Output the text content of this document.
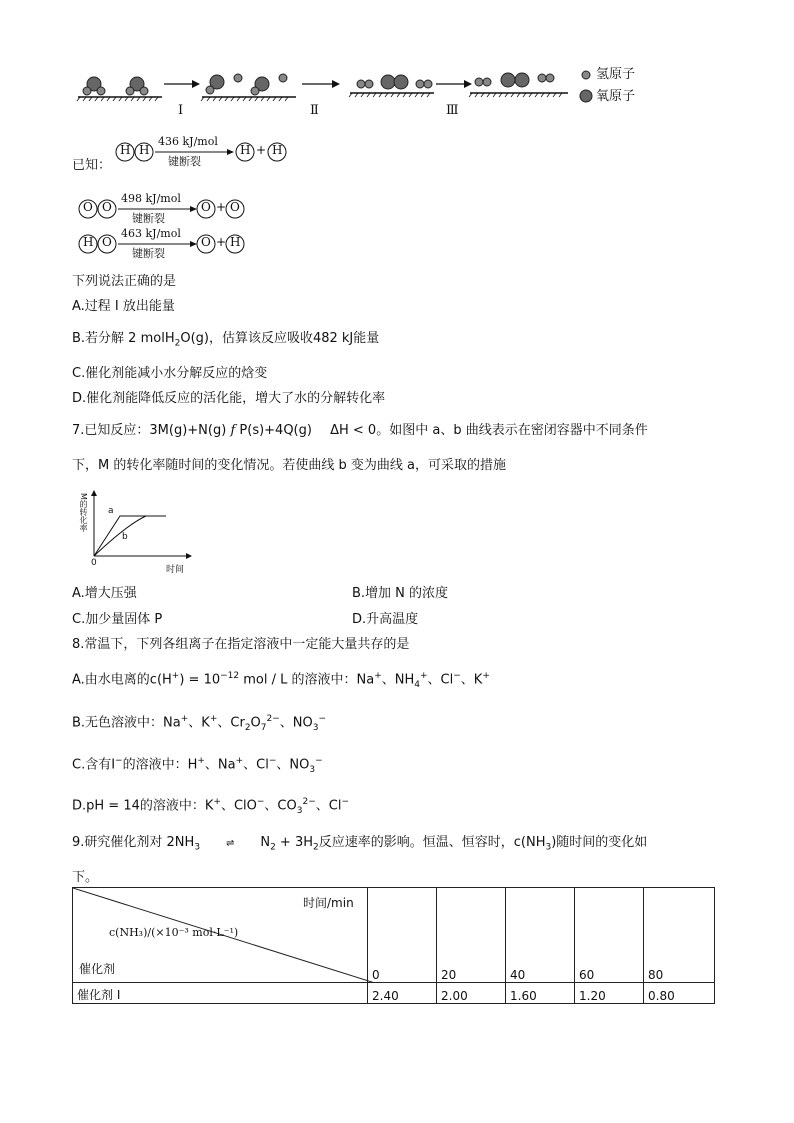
I	Ⅱ	Ⅲ
氢原子
氧原子
已知：
H H
436 kJ/mol
键断裂
H + H
O O
498 kJ/mol
键断裂
O + O
H O
463 kJ/mol
键断裂
O + H
下列说法正确的是
A.过程 I 放出能量
B.若分解 2 molH$_2$O(g)，估算该反应吸收482 kJ能量
C.催化剂能减小水分解反应的焓变
D.催化剂能降低反应的活化能，增大了水的分解转化率
7.已知反应：3M(g)+N(g) f P(s)+4Q(g) ΔH < 0。如图中 a、b 曲线表示在密闭容器中不同条件
下，M 的转化率随时间的变化情况。若使曲线 b 变为曲线 a，可采取的措施
M的转化率 a
b
0
时间
A.增大压强	B.增加 N 的浓度
C.加少量固体 P	D.升高温度
8.常温下，下列各组离子在指定溶液中一定能大量共存的是
A.由水电离的$c(H^+) = 10^{-12}$ mol / L 的溶液中：Na+、$NH_4^+$、Cl−、K+
B.无色溶液中：Na+、K+、$Cr_2O_7^{2-}$、$NO_3^-$
C.含有I−的溶液中：H+、Na+、Cl−、$NO_3^-$
D.pH = 14的溶液中：K+、ClO−、$CO_3^{2-}$、Cl−
9.研究催化剂对 $2NH_3$	⇌ $N_2 + 3H_2$反应速率的影响。恒温、恒容时，$c(NH_3)$随时间的变化如
下。
时间/min
c(NH₃)/(×10⁻³ mol·L⁻¹)
催化剂	0	20	40	60	80
催化剂 I	2.40	2.00	1.60	1.20	0.80
